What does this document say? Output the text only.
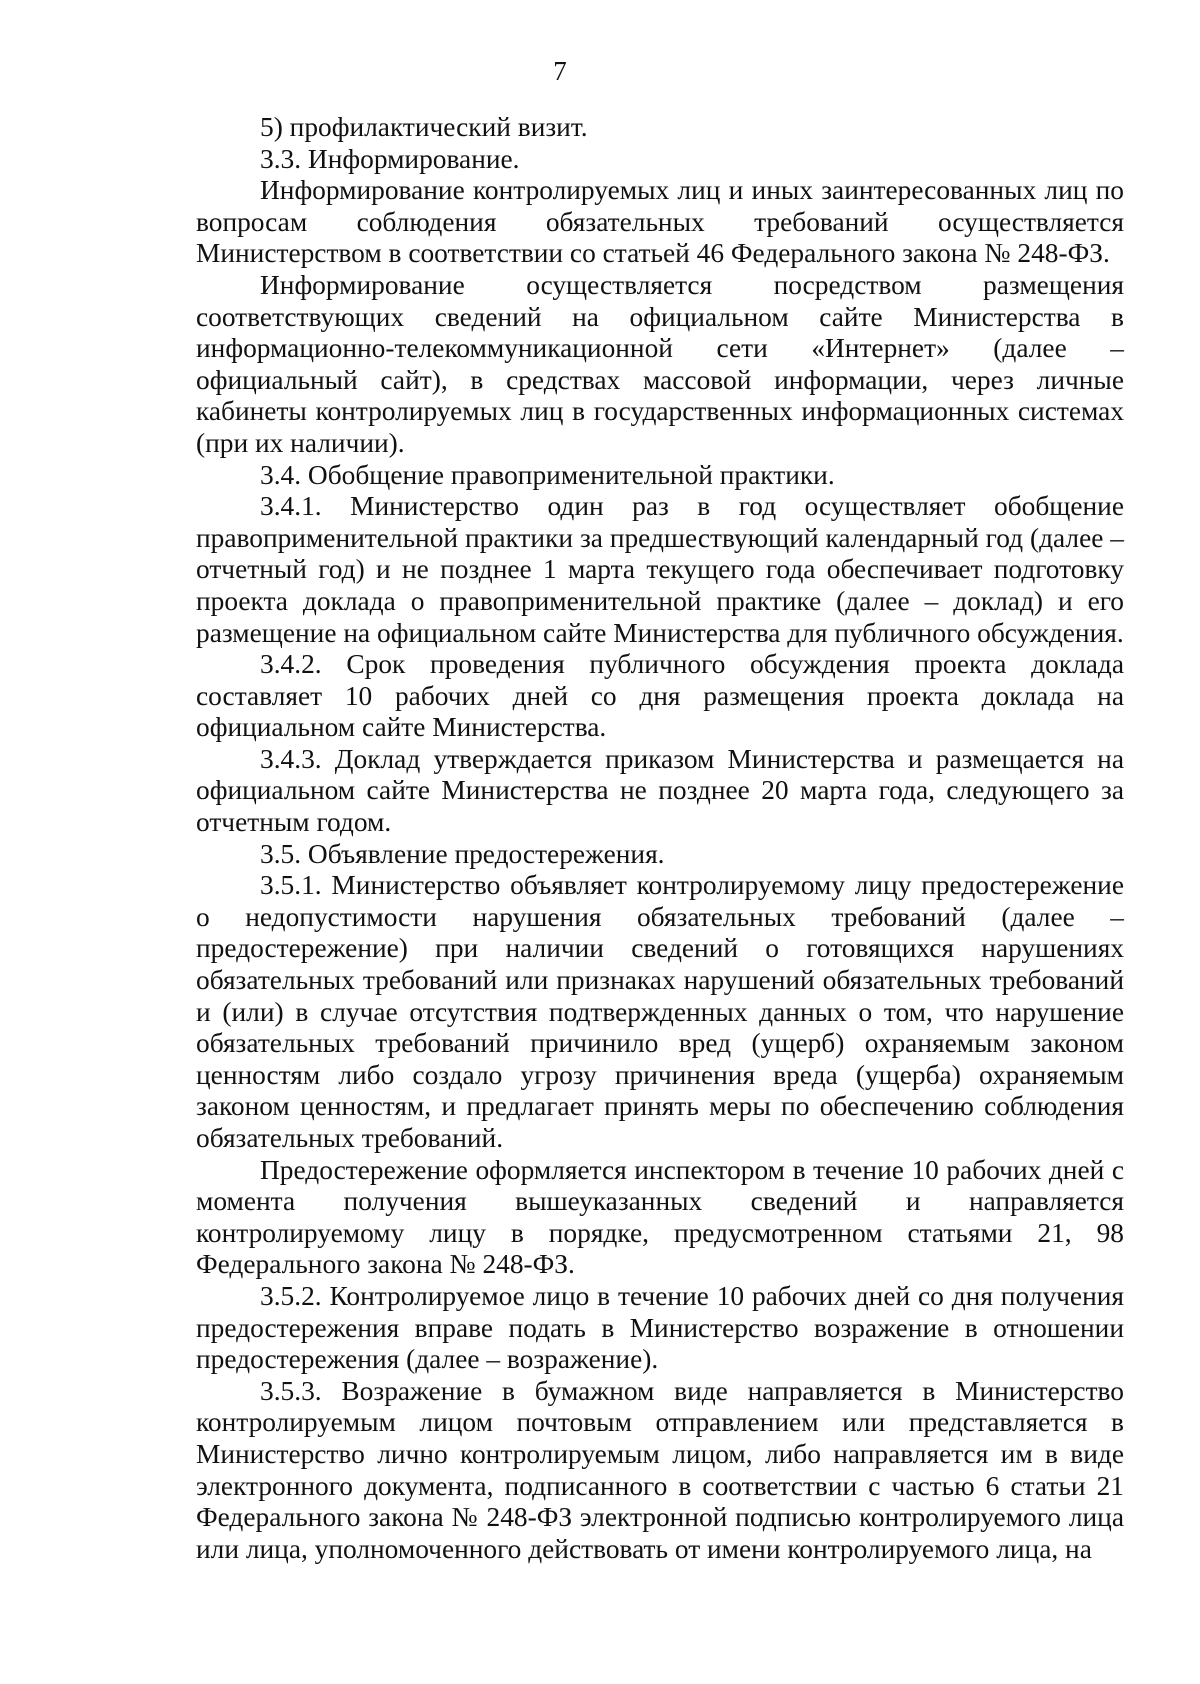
7

5) профилактический визит.

3.3. Информирование.

Информирование контролируемых лиц и иных заинтересованных лиц по вопросам соблюдения обязательных требований осуществляется Министерством в соответствии со статьей 46 Федерального закона № 248-ФЗ.

Информирование осуществляется посредством размещения соответствующих сведений на официальном сайте Министерства в информационно-телекоммуникационной сети «Интернет» (далее – официальный сайт), в средствах массовой информации, через личные кабинеты контролируемых лиц в государственных информационных системах (при их наличии).

3.4. Обобщение правоприменительной практики.

3.4.1. Министерство один раз в год осуществляет обобщение правоприменительной практики за предшествующий календарный год (далее – отчетный год) и не позднее 1 марта текущего года обеспечивает подготовку проекта доклада о правоприменительной практике (далее – доклад) и его размещение на официальном сайте Министерства для публичного обсуждения.

3.4.2. Срок проведения публичного обсуждения проекта доклада составляет 10 рабочих дней со дня размещения проекта доклада на официальном сайте Министерства.

3.4.3. Доклад утверждается приказом Министерства и размещается на официальном сайте Министерства не позднее 20 марта года, следующего за отчетным годом.

3.5. Объявление предостережения.

3.5.1. Министерство объявляет контролируемому лицу предостережение о недопустимости нарушения обязательных требований (далее – предостережение) при наличии сведений о готовящихся нарушениях обязательных требований или признаках нарушений обязательных требований и (или) в случае отсутствия подтвержденных данных о том, что нарушение обязательных требований причинило вред (ущерб) охраняемым законом ценностям либо создало угрозу причинения вреда (ущерба) охраняемым законом ценностям, и предлагает принять меры по обеспечению соблюдения обязательных требований.

Предостережение оформляется инспектором в течение 10 рабочих дней с момента получения вышеуказанных сведений и направляется контролируемому лицу в порядке, предусмотренном статьями 21, 98 Федерального закона № 248-ФЗ.

3.5.2. Контролируемое лицо в течение 10 рабочих дней со дня получения предостережения вправе подать в Министерство возражение в отношении предостережения (далее – возражение).

3.5.3. Возражение в бумажном виде направляется в Министерство контролируемым лицом почтовым отправлением или представляется в Министерство лично контролируемым лицом, либо направляется им в виде электронного документа, подписанного в соответствии с частью 6 статьи 21 Федерального закона № 248-ФЗ электронной подписью контролируемого лица или лица, уполномоченного действовать от имени контролируемого лица, на
